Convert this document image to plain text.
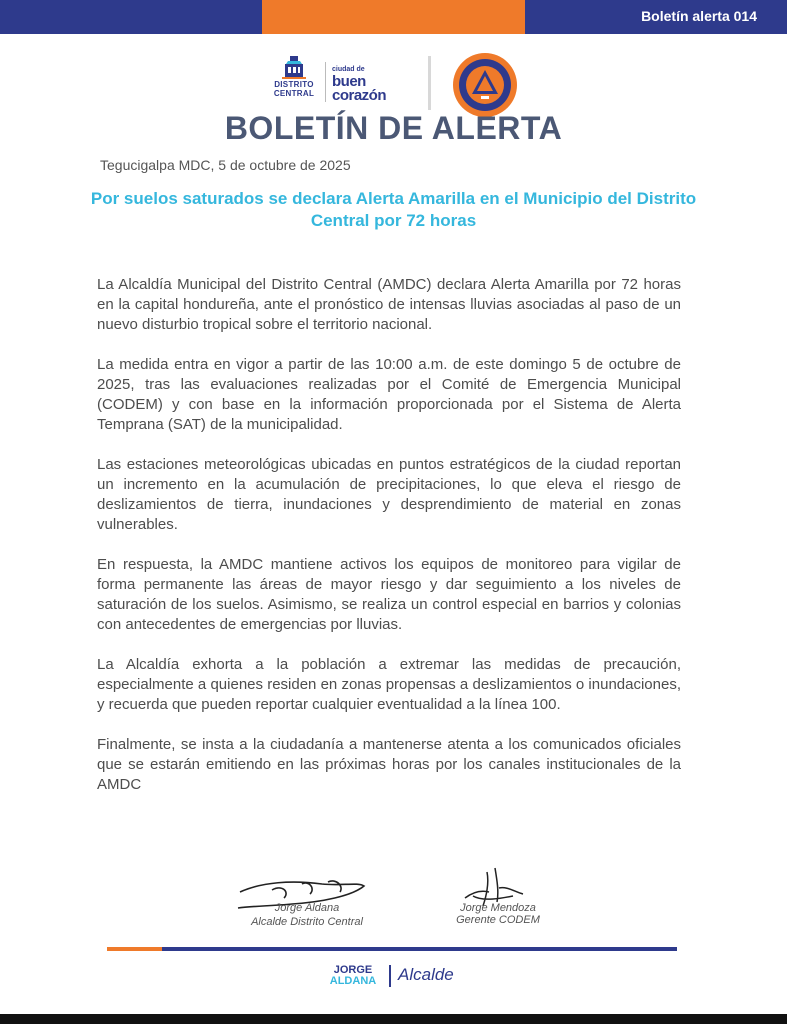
Boletín alerta 014
DISTRITO
CENTRAL
ciudad de
buen
corazón
BOLETÍN DE ALERTA
Tegucigalpa MDC, 5 de octubre de 2025
Por suelos saturados se declara Alerta Amarilla en el Municipio del Distrito Central por 72 horas

La Alcaldía Municipal del Distrito Central (AMDC) declara Alerta Amarilla por 72 horas en la capital hondureña, ante el pronóstico de intensas lluvias asociadas al paso de un nuevo disturbio tropical sobre el territorio nacional.

La medida entra en vigor a partir de las 10:00 a.m. de este domingo 5 de octubre de 2025, tras las evaluaciones realizadas por el Comité de Emergencia Municipal (CODEM) y con base en la información proporcionada por el Sistema de Alerta Temprana (SAT) de la municipalidad.

Las estaciones meteorológicas ubicadas en puntos estratégicos de la ciudad reportan un incremento en la acumulación de precipitaciones, lo que eleva el riesgo de deslizamientos de tierra, inundaciones y desprendimiento de material en zonas vulnerables.

En respuesta, la AMDC mantiene activos los equipos de monitoreo para vigilar de forma permanente las áreas de mayor riesgo y dar seguimiento a los niveles de saturación de los suelos. Asimismo, se realiza un control especial en barrios y colonias con antecedentes de emergencias por lluvias.

La Alcaldía exhorta a la población a extremar las medidas de precaución, especialmente a quienes residen en zonas propensas a deslizamientos o inundaciones, y recuerda que pueden reportar cualquier eventualidad a la línea 100.

Finalmente, se insta a la ciudadanía a mantenerse atenta a los comunicados oficiales que se estarán emitiendo en las próximas horas por los canales institucionales de la AMDC

Jorge Aldana
Alcalde Distrito Central
Jorge Mendoza
Gerente CODEM
JORGE
ALDANA	Alcalde
